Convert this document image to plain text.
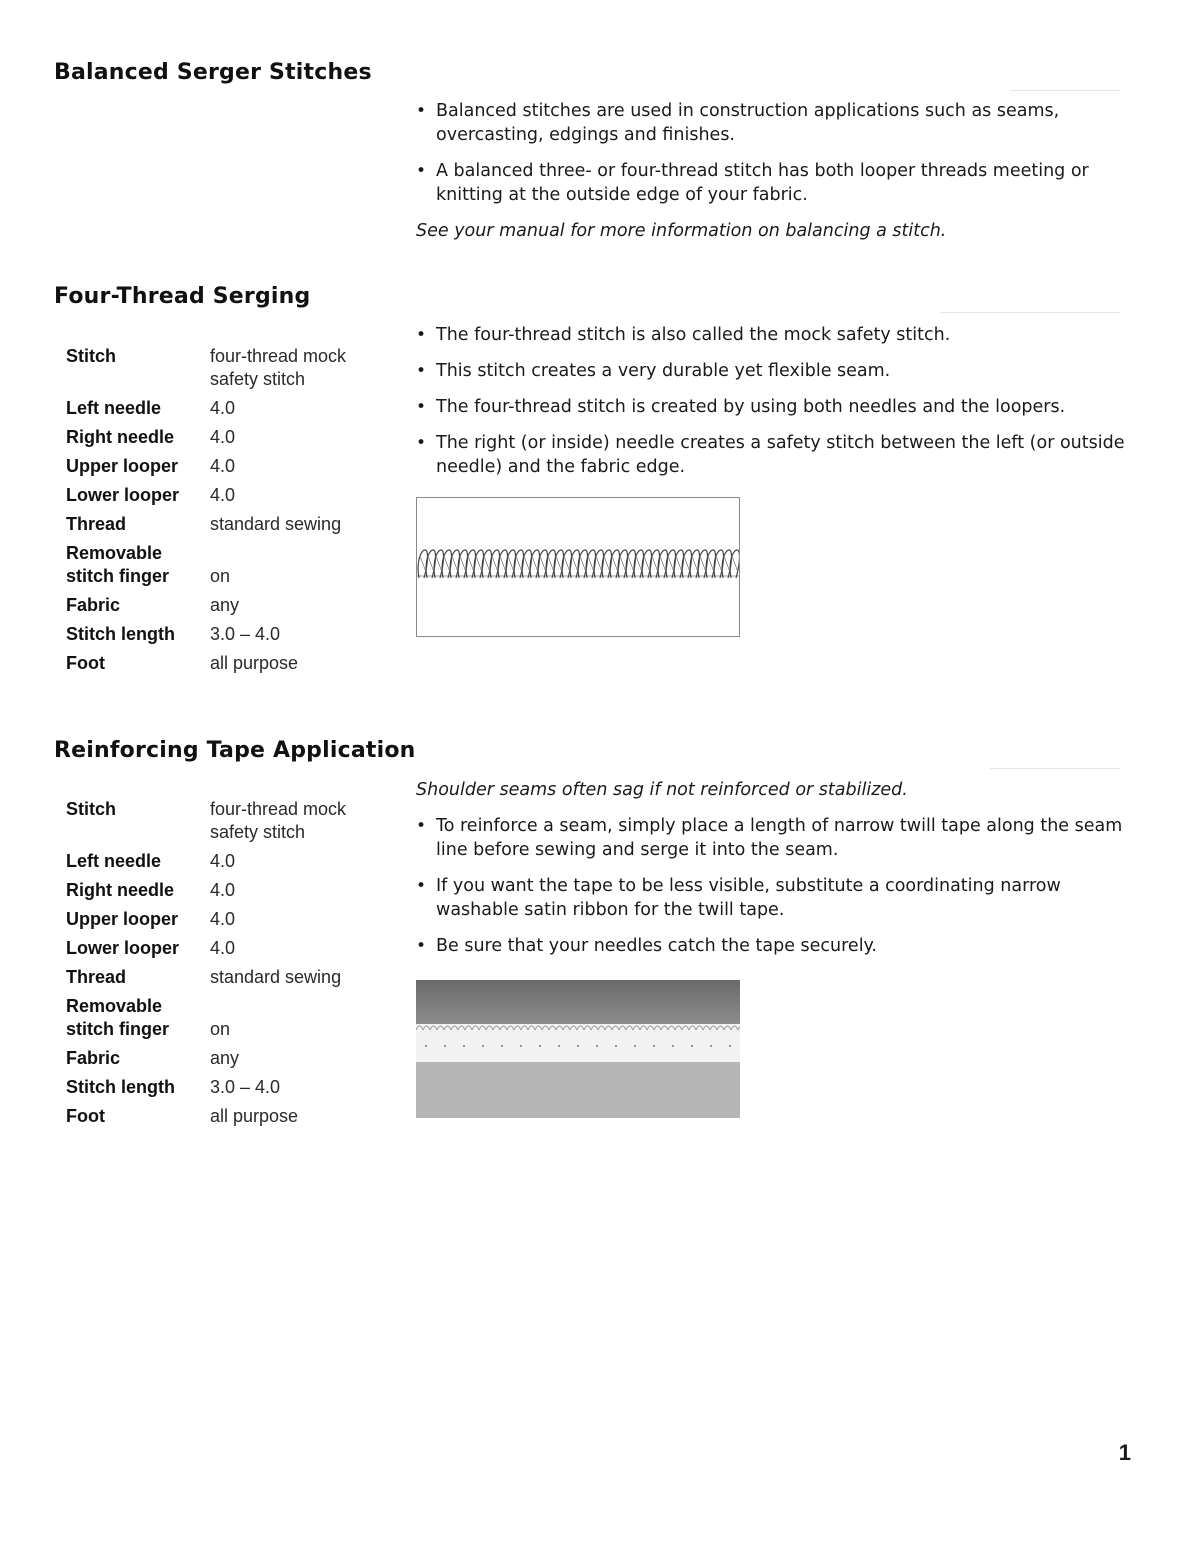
Balanced Serger Stitches
• Balanced stitches are used in construction applications such as seams, overcasting, edgings and finishes.
• A balanced three- or four-thread stitch has both looper threads meeting or knitting at the outside edge of your fabric.

See your manual for more information on balancing a stitch.

Four-Thread Serging
Stitch	four-thread mock safety stitch
Left needle	4.0
Right needle	4.0
Upper looper	4.0
Lower looper	4.0
Thread	standard sewing
Removable stitch finger	on
Fabric	any
Stitch length	3.0 – 4.0
Foot	all purpose
• The four-thread stitch is also called the mock safety stitch.
• This stitch creates a very durable yet flexible seam.
• The four-thread stitch is created by using both needles and the loopers.
• The right (or inside) needle creates a safety stitch between the left (or outside needle) and the fabric edge.
Reinforcing Tape Application
Stitch	four-thread mock safety stitch
Left needle	4.0
Right needle	4.0
Upper looper	4.0
Lower looper	4.0
Thread	standard sewing
Removable stitch finger	on
Fabric	any
Stitch length	3.0 – 4.0
Foot	all purpose

Shoulder seams often sag if not reinforced or stabilized.

• To reinforce a seam, simply place a length of narrow twill tape along the seam line before sewing and serge it into the seam.
• If you want the tape to be less visible, substitute a coordinating narrow washable satin ribbon for the twill tape.
• Be sure that your needles catch the tape securely.
1
